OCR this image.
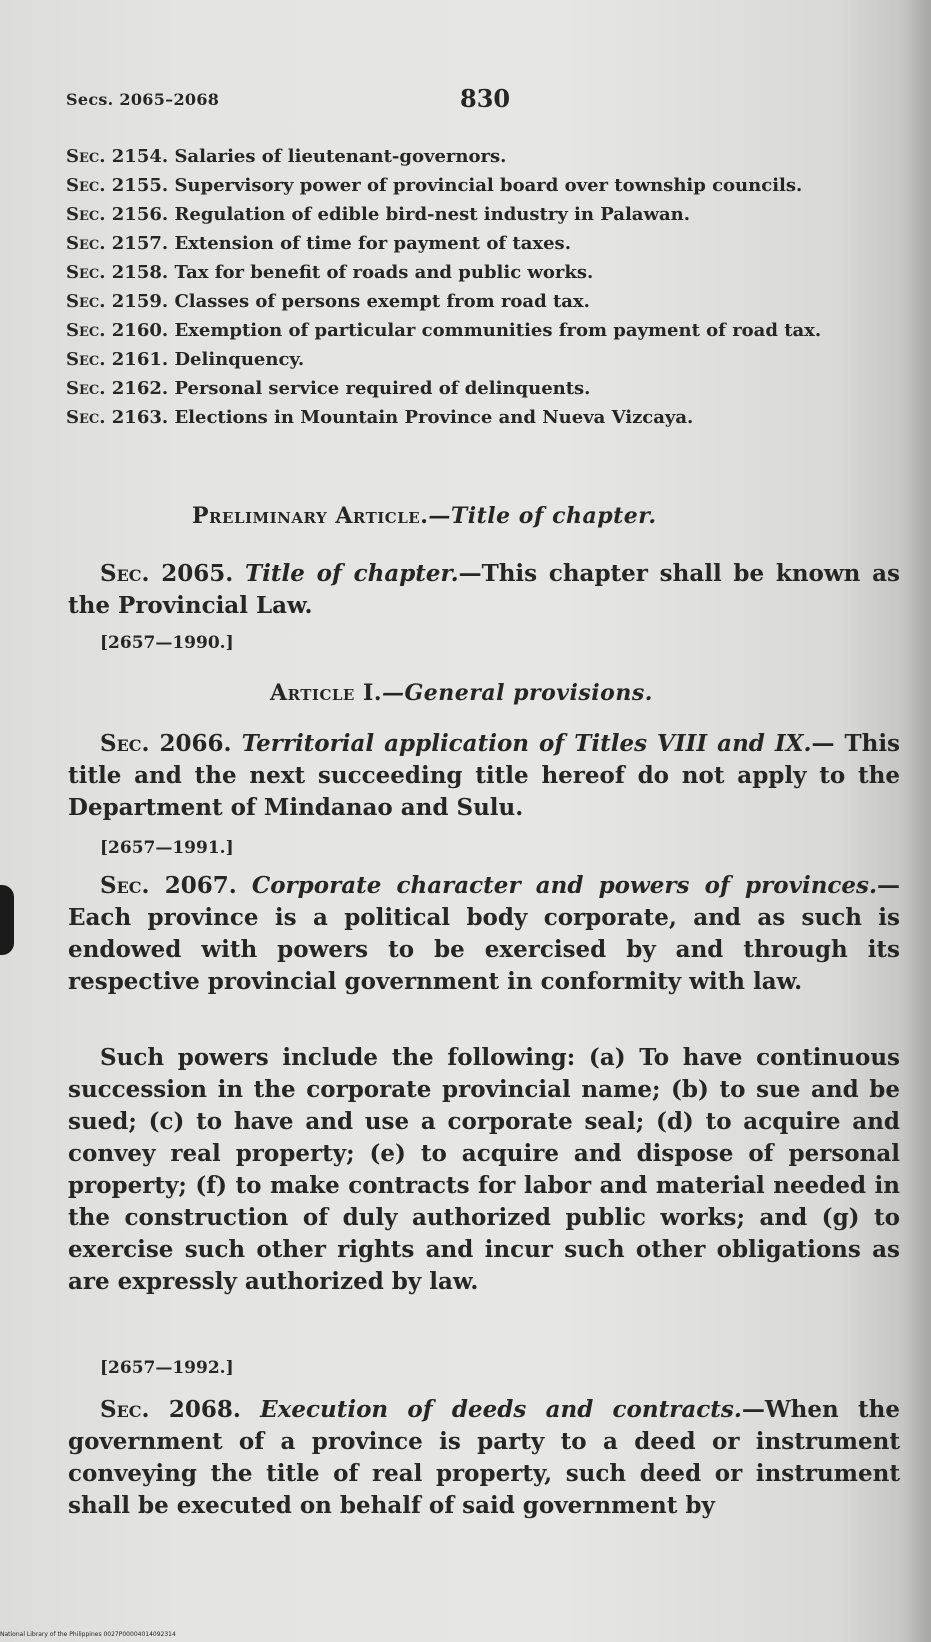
Secs. 2065–2068	830
Sec. 2154. Salaries of lieutenant-governors.
Sec. 2155. Supervisory power of provincial board over township councils.
Sec. 2156. Regulation of edible bird-nest industry in Palawan.
Sec. 2157. Extension of time for payment of taxes.
Sec. 2158. Tax for benefit of roads and public works.
Sec. 2159. Classes of persons exempt from road tax.
Sec. 2160. Exemption of particular communities from payment of road tax.
Sec. 2161. Delinquency.
Sec. 2162. Personal service required of delinquents.
Sec. 2163. Elections in Mountain Province and Nueva Vizcaya.
Preliminary Article.—Title of chapter.
Sec. 2065. Title of chapter.—This chapter shall be known as the Provincial Law.
[2657—1990.]
Article I.—General provisions.
Sec. 2066. Territorial application of Titles VIII and IX.— This title and the next succeeding title hereof do not apply to the Department of Mindanao and Sulu.
[2657—1991.]
Sec. 2067. Corporate character and powers of provinces.—Each province is a political body corporate, and as such is endowed with powers to be exercised by and through its respective provincial government in conformity with law.
Such powers include the following: (a) To have continuous succession in the corporate provincial name; (b) to sue and be sued; (c) to have and use a corporate seal; (d) to acquire and convey real property; (e) to acquire and dispose of personal property; (f) to make contracts for labor and material needed in the construction of duly authorized public works; and (g) to exercise such other rights and incur such other obligations as are expressly authorized by law.
[2657—1992.]
Sec. 2068. Execution of deeds and contracts.—When the government of a province is party to a deed or instrument conveying the title of real property, such deed or instrument shall be executed on behalf of said government by
National Library of the Philippines 0027P00004014092314
